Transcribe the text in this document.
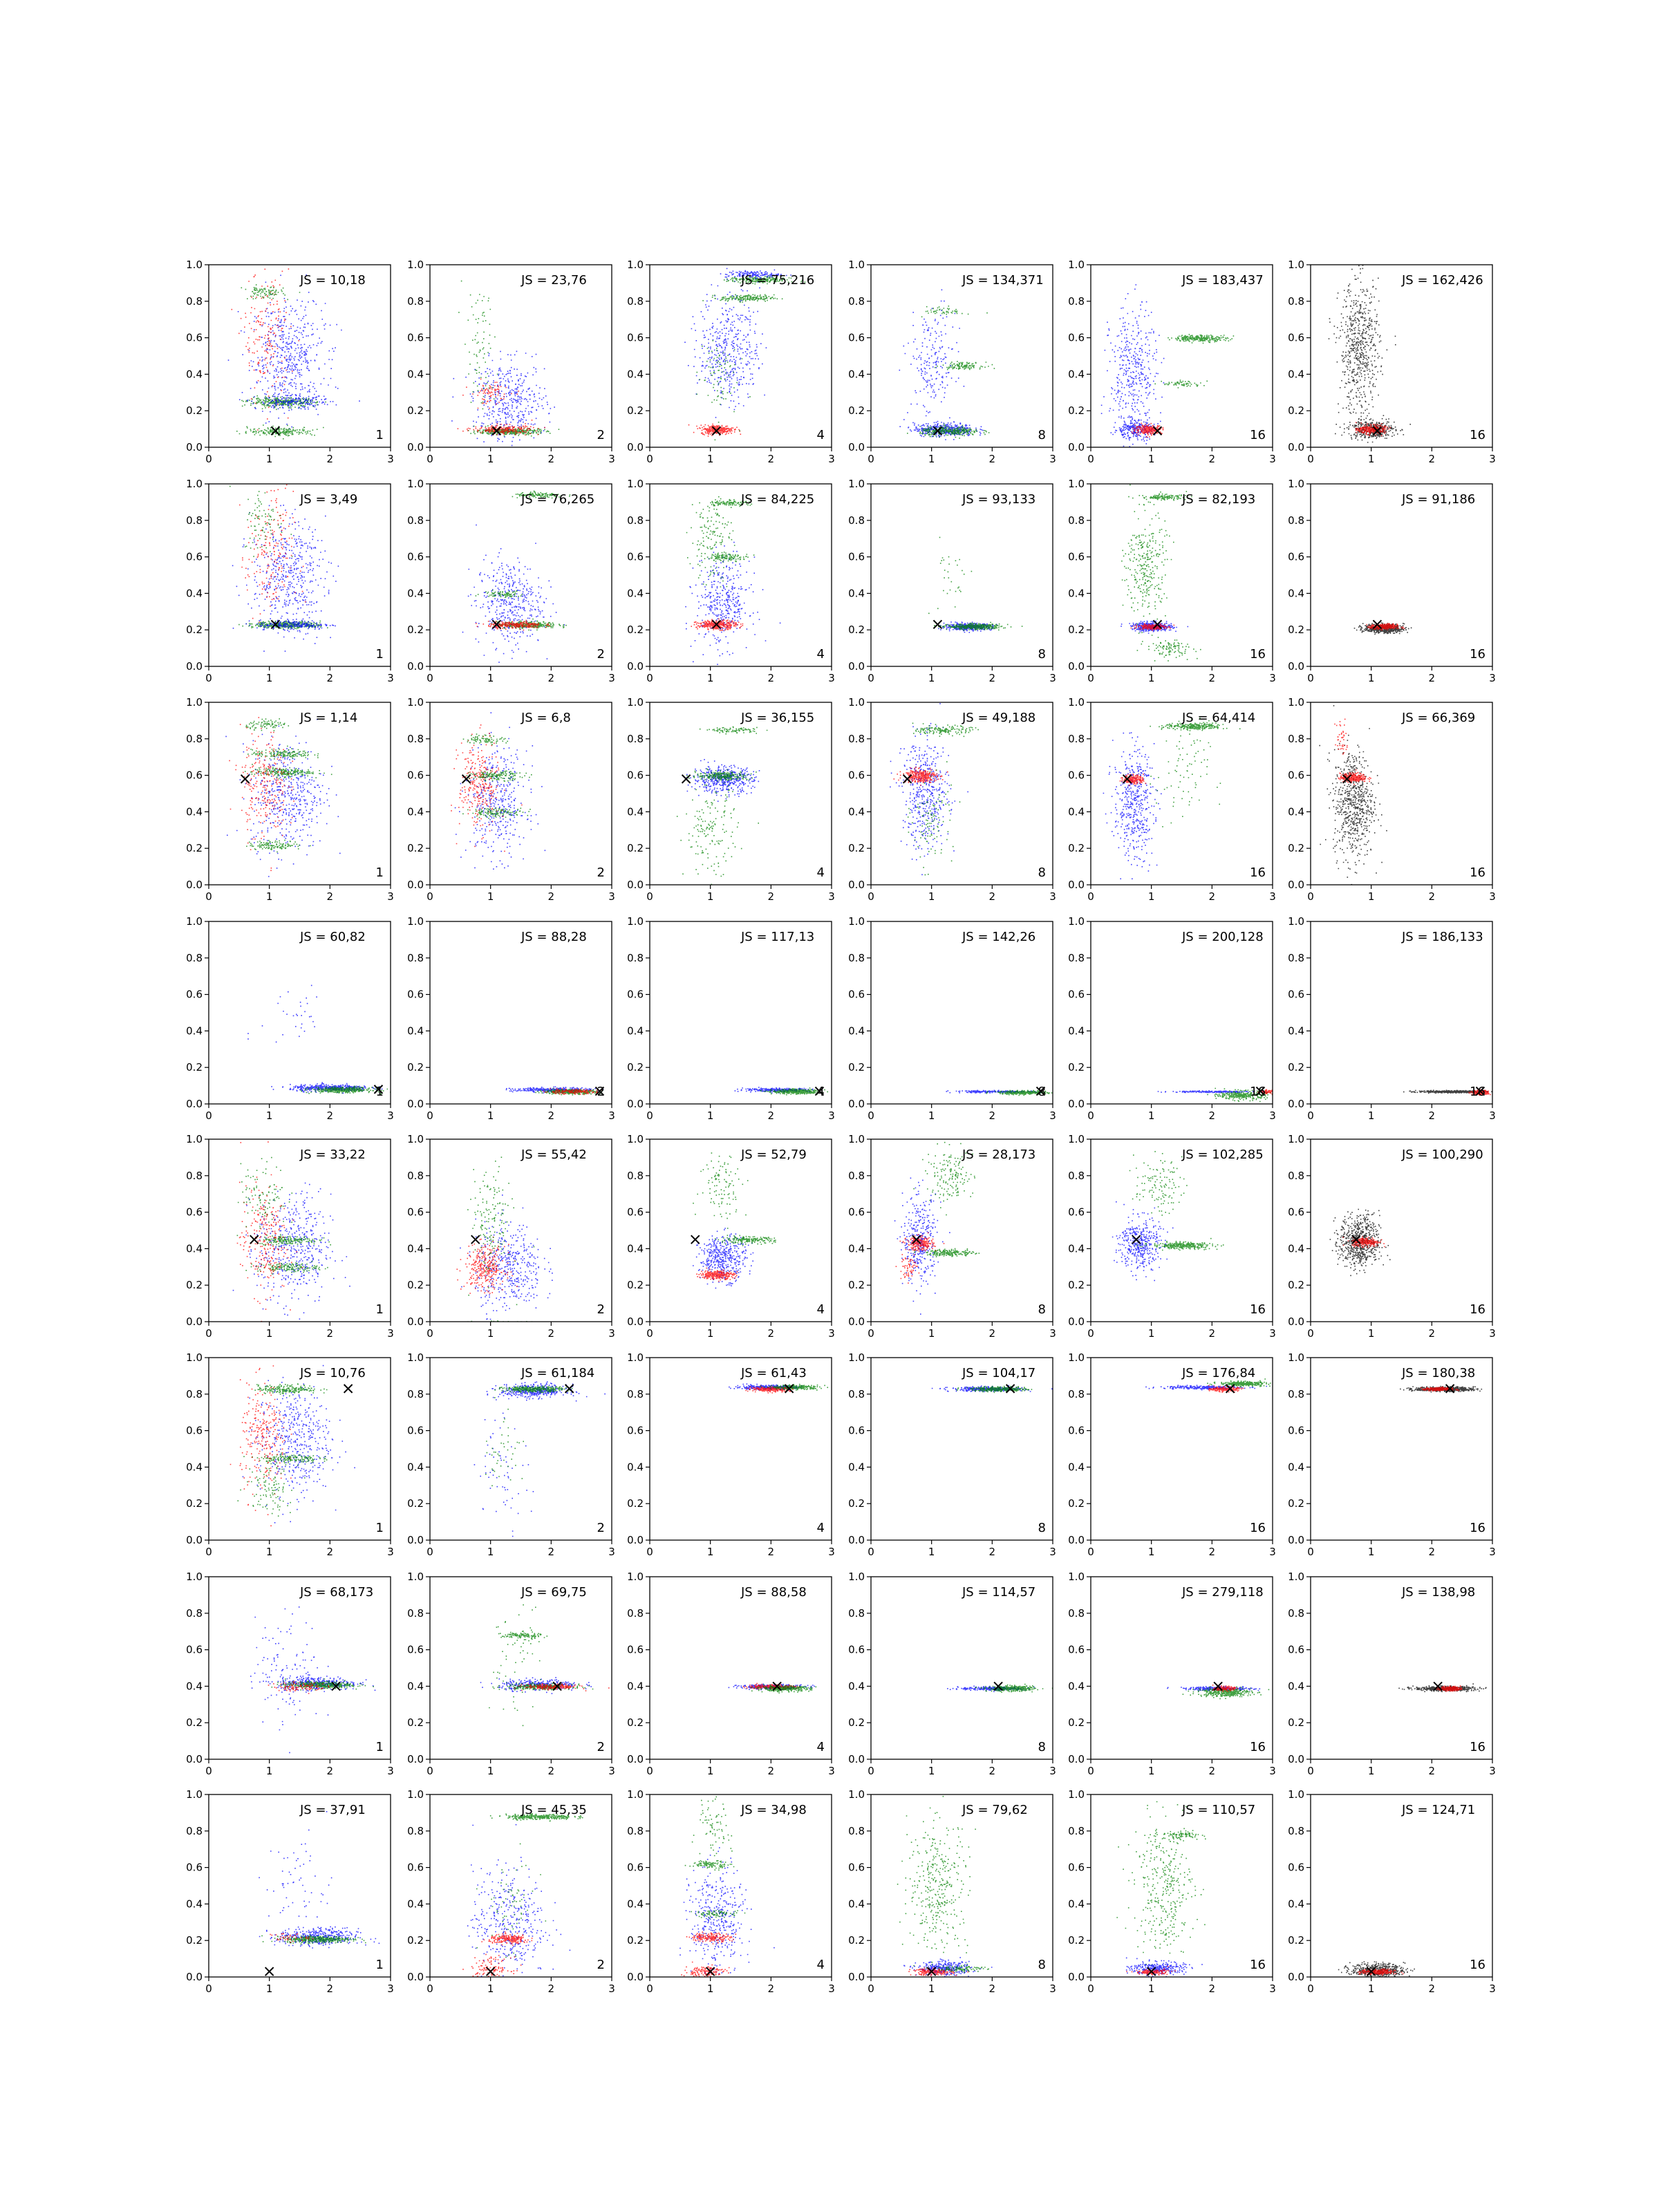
0	1	2	3
0.0
0.2
0.4
0.6
0.8
1.0
JS = 10,18
1
0	1	2	3
0.0
0.2
0.4
0.6
0.8
1.0
JS = 23,76
2
0	1	2	3
0.0
0.2
0.4
0.6
0.8
1.0
JS = 75,216
4
0	1	2	3
0.0
0.2
0.4
0.6
0.8
1.0
JS = 134,371
8
0	1	2	3
0.0
0.2
0.4
0.6
0.8
1.0
JS = 183,437
16
0	1	2	3
0.0
0.2
0.4
0.6
0.8
1.0
JS = 162,426
16
0	1	2	3
0.0
0.2
0.4
0.6
0.8
1.0
JS = 3,49
1
0	1	2	3
0.0
0.2
0.4
0.6
0.8
1.0
JS = 76,265
2
0	1	2	3
0.0
0.2
0.4
0.6
0.8
1.0
JS = 84,225
4
0	1	2	3
0.0
0.2
0.4
0.6
0.8
1.0
JS = 93,133
8
0	1	2	3
0.0
0.2
0.4
0.6
0.8
1.0
JS = 82,193
16
0	1	2	3
0.0
0.2
0.4
0.6
0.8
1.0
JS = 91,186
16
0	1	2	3
0.0
0.2
0.4
0.6
0.8
1.0
JS = 1,14
1
0	1	2	3
0.0
0.2
0.4
0.6
0.8
1.0
JS = 6,8
2
0	1	2	3
0.0
0.2
0.4
0.6
0.8
1.0
JS = 36,155
4
0	1	2	3
0.0
0.2
0.4
0.6
0.8
1.0
JS = 49,188
8
0	1	2	3
0.0
0.2
0.4
0.6
0.8
1.0
JS = 64,414
16
0	1	2	3
0.0
0.2
0.4
0.6
0.8
1.0
JS = 66,369
16
0	1	2	3
0.0
0.2
0.4
0.6
0.8
1.0
JS = 60,82
1
0	1	2	3
0.0
0.2
0.4
0.6
0.8
1.0
JS = 88,28
2
0	1	2	3
0.0
0.2
0.4
0.6
0.8
1.0
JS = 117,13
4
0	1	2	3
0.0
0.2
0.4
0.6
0.8
1.0
JS = 142,26
8
0	1	2	3
0.0
0.2
0.4
0.6
0.8
1.0
JS = 200,128
16
0	1	2	3
0.0
0.2
0.4
0.6
0.8
1.0
JS = 186,133
16
0	1	2	3
0.0
0.2
0.4
0.6
0.8
1.0
JS = 33,22
1
0	1	2	3
0.0
0.2
0.4
0.6
0.8
1.0
JS = 55,42
2
0	1	2	3
0.0
0.2
0.4
0.6
0.8
1.0
JS = 52,79
4
0	1	2	3
0.0
0.2
0.4
0.6
0.8
1.0
JS = 28,173
8
0	1	2	3
0.0
0.2
0.4
0.6
0.8
1.0
JS = 102,285
16
0	1	2	3
0.0
0.2
0.4
0.6
0.8
1.0
JS = 100,290
16
0	1	2	3
0.0
0.2
0.4
0.6
0.8
1.0
JS = 10,76
1
0	1	2	3
0.0
0.2
0.4
0.6
0.8
1.0
JS = 61,184
2
0	1	2	3
0.0
0.2
0.4
0.6
0.8
1.0
JS = 61,43
4
0	1	2	3
0.0
0.2
0.4
0.6
0.8
1.0
JS = 104,17
8
0	1	2	3
0.0
0.2
0.4
0.6
0.8
1.0
JS = 176,84
16
0	1	2	3
0.0
0.2
0.4
0.6
0.8
1.0
JS = 180,38
16
0	1	2	3
0.0
0.2
0.4
0.6
0.8
1.0
JS = 68,173
1
0	1	2	3
0.0
0.2
0.4
0.6
0.8
1.0
JS = 69,75
2
0	1	2	3
0.0
0.2
0.4
0.6
0.8
1.0
JS = 88,58
4
0	1	2	3
0.0
0.2
0.4
0.6
0.8
1.0
JS = 114,57
8
0	1	2	3
0.0
0.2
0.4
0.6
0.8
1.0
JS = 279,118
16
0	1	2	3
0.0
0.2
0.4
0.6
0.8
1.0
JS = 138,98
16
0	1	2	3
0.0
0.2
0.4
0.6
0.8
1.0
JS = 37,91
1
0	1	2	3
0.0
0.2
0.4
0.6
0.8
1.0
JS = 45,35
2
0	1	2	3
0.0
0.2
0.4
0.6
0.8
1.0
JS = 34,98
4
0	1	2	3
0.0
0.2
0.4
0.6
0.8
1.0
JS = 79,62
8
0	1	2	3
0.0
0.2
0.4
0.6
0.8
1.0
JS = 110,57
16
0	1	2	3
0.0
0.2
0.4
0.6
0.8
1.0
JS = 124,71
16
